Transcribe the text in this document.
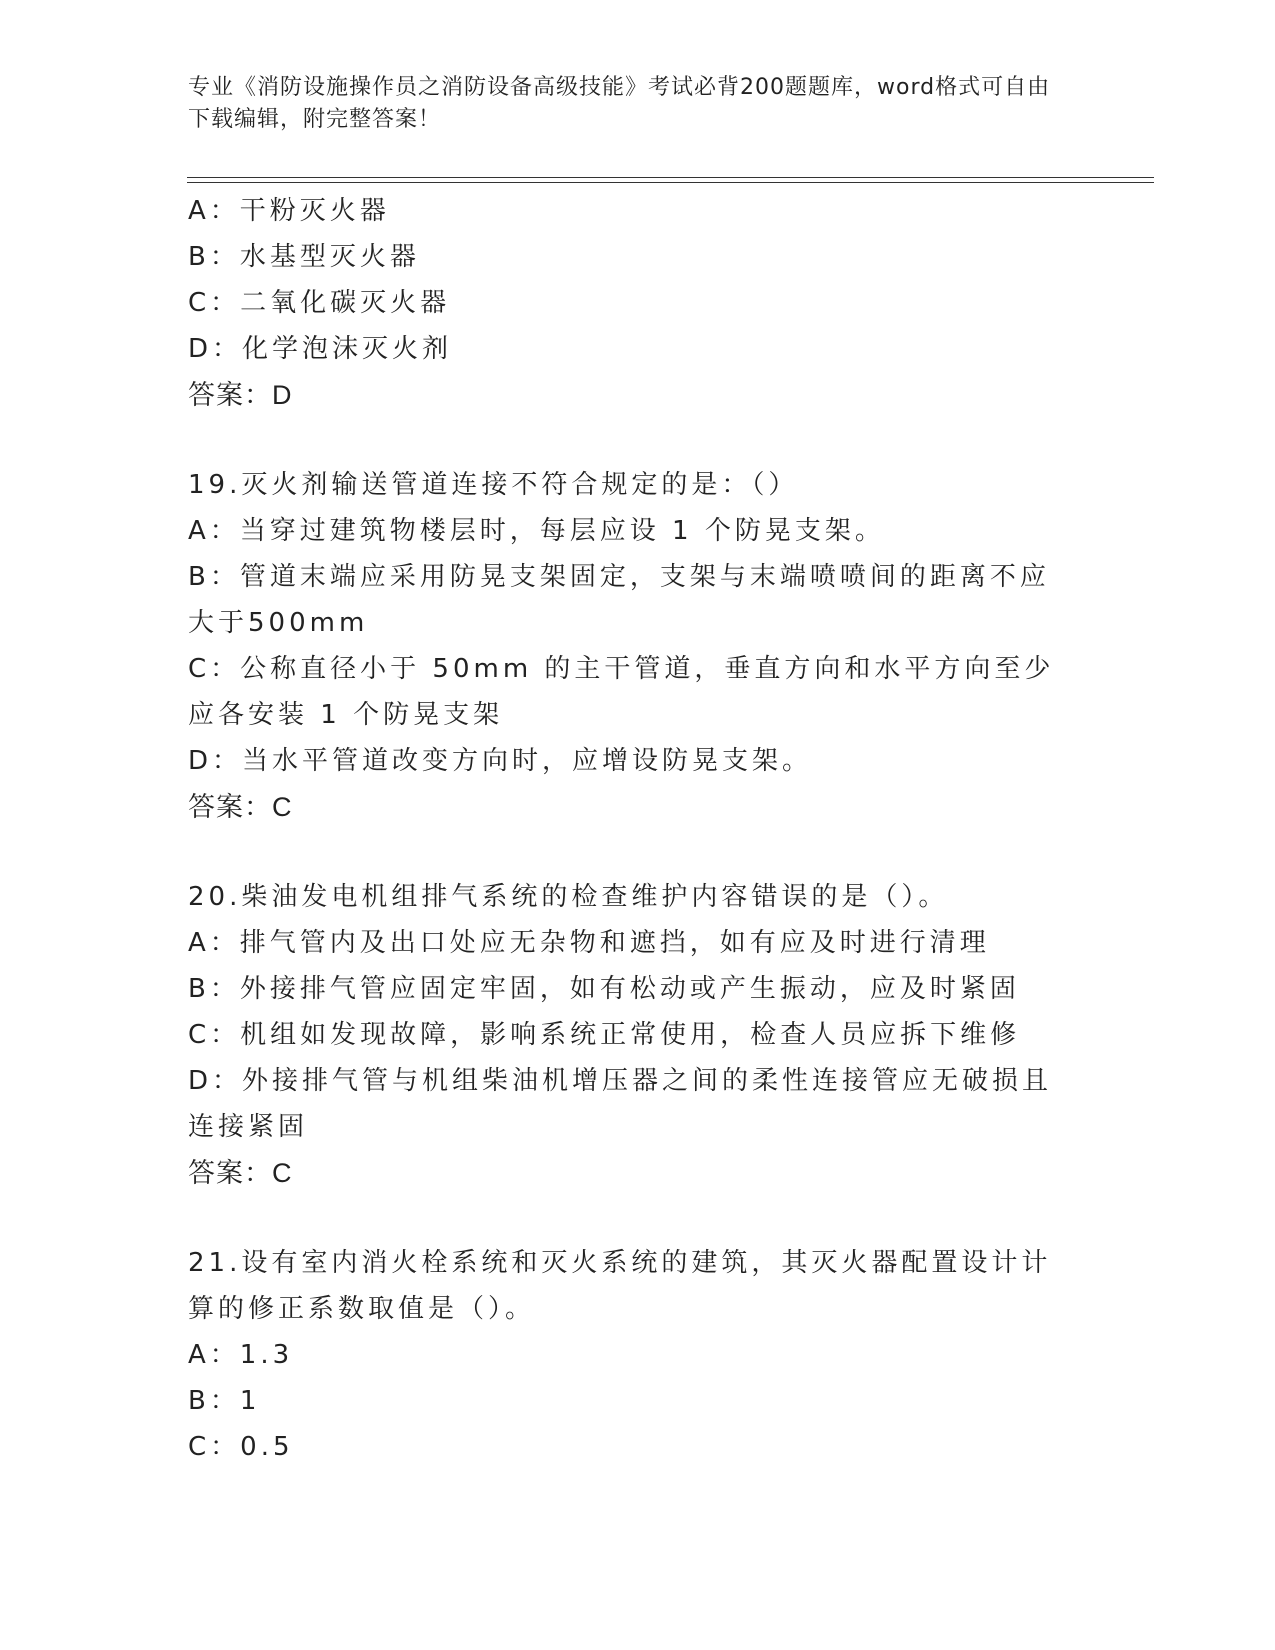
专业《消防设施操作员之消防设备高级技能》考试必背200题题库，word格式可自由下载编辑，附完整答案！
A：干粉灭火器
B：水基型灭火器
C：二氧化碳灭火器
D：化学泡沫灭火剂
答案：D
19.灭火剂输送管道连接不符合规定的是：（）
A：当穿过建筑物楼层时，每层应设 1 个防晃支架。
B：管道末端应采用防晃支架固定，支架与末端喷喷间的距离不应大于500mm
C：公称直径小于 50mm 的主干管道，垂直方向和水平方向至少应各安装 1 个防晃支架
D：当水平管道改变方向时，应增设防晃支架。
答案：C
20.柴油发电机组排气系统的检查维护内容错误的是（）。
A：排气管内及出口处应无杂物和遮挡，如有应及时进行清理
B：外接排气管应固定牢固，如有松动或产生振动，应及时紧固
C：机组如发现故障，影响系统正常使用，检查人员应拆下维修
D：外接排气管与机组柴油机增压器之间的柔性连接管应无破损且连接紧固
答案：C
21.设有室内消火栓系统和灭火系统的建筑，其灭火器配置设计计算的修正系数取值是（）。
A：1.3
B：1
C：0.5
